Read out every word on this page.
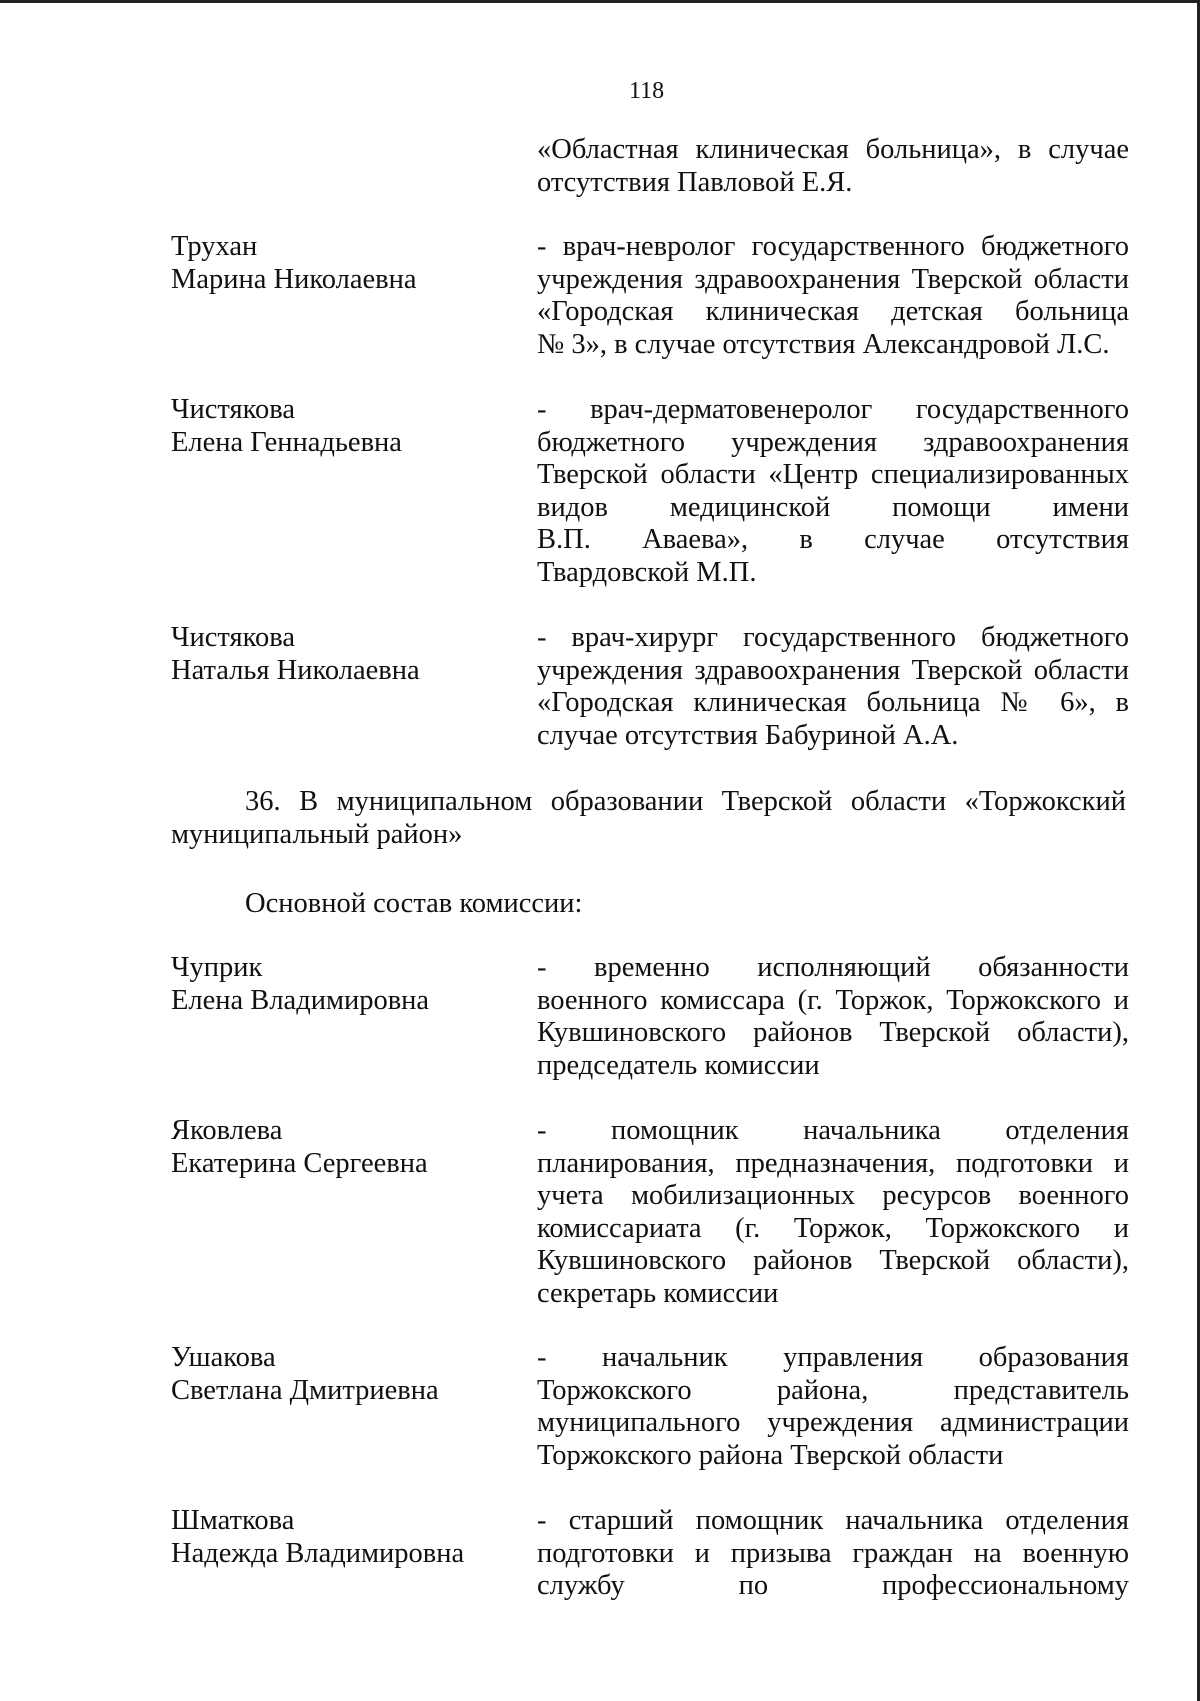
118
«Областная клиническая больница», в случае
отсутствия Павловой Е.Я.
Трухан
Марина Николаевна
- врач-невролог государственного бюджетного
учреждения здравоохранения Тверской области
«Городская клиническая детская больница
№ 3», в случае отсутствия Александровой Л.С.
Чистякова
Елена Геннадьевна
- врач-дерматовенеролог государственного
бюджетного учреждения здравоохранения
Тверской области «Центр специализированных
видов медицинской помощи имени
В.П. Аваева», в случае отсутствия
Твардовской М.П.
Чистякова
Наталья Николаевна
- врач-хирург государственного бюджетного
учреждения здравоохранения Тверской области
«Городская клиническая больница № 6», в
случае отсутствия Бабуриной А.А.
36. В муниципальном образовании Тверской области «Торжокский
муниципальный район»
Основной состав комиссии:
Чуприк
Елена Владимировна
- временно исполняющий обязанности
военного комиссара (г. Торжок, Торжокского и
Кувшиновского районов Тверской области),
председатель комиссии
Яковлева
Екатерина Сергеевна
- помощник начальника отделения
планирования, предназначения, подготовки и
учета мобилизационных ресурсов военного
комиссариата (г. Торжок, Торжокского и
Кувшиновского районов Тверской области),
секретарь комиссии
Ушакова
Светлана Дмитриевна
- начальник управления образования
Торжокского района, представитель
муниципального учреждения администрации
Торжокского района Тверской области
Шматкова
Надежда Владимировна
- старший помощник начальника отделения
подготовки и призыва граждан на военную
службу по профессиональному
